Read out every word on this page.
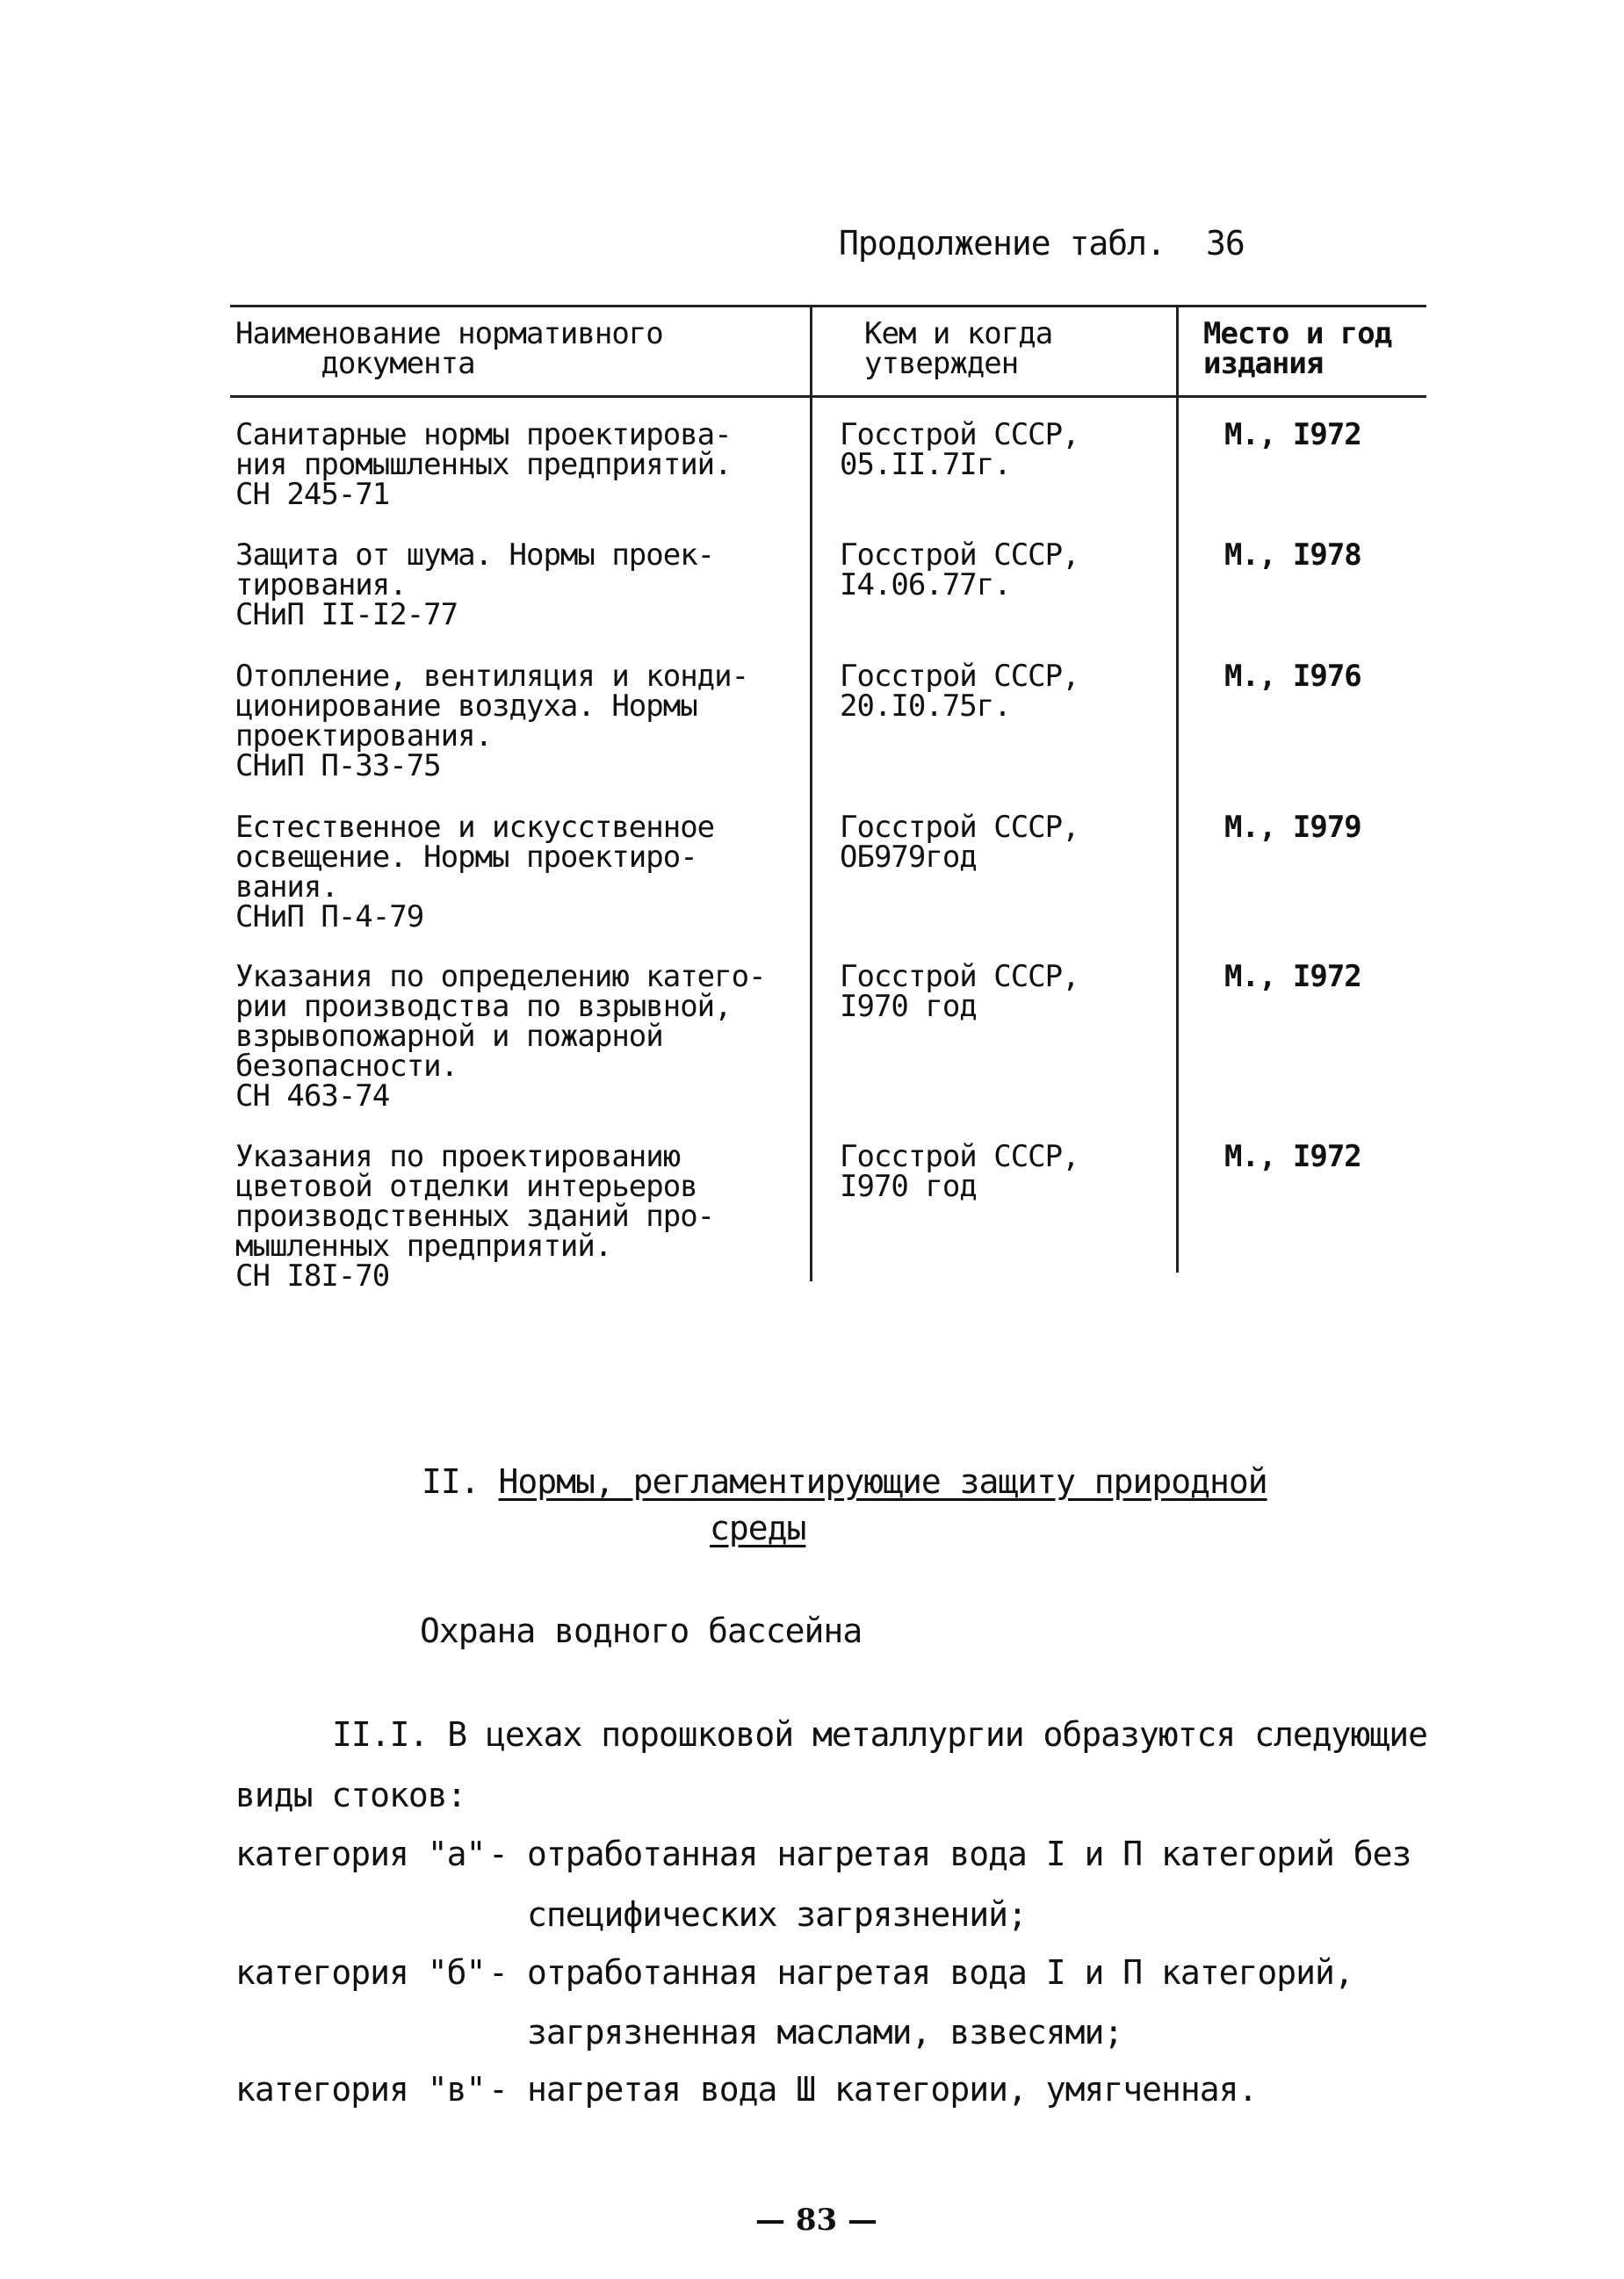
Продолжение табл. 36
Наименование нормативного
документа
Кем и когда
утвержден
Место и год
издания
Санитарные нормы проектирова-
ния промышленных предприятий.
СН 245-71
Госстрой СССР,
05.II.7Iг.
М., I972
Защита от шума. Нормы проек-
тирования.
СНиП II-I2-77
Госстрой СССР,
I4.06.77г.
М., I978
Отопление, вентиляция и конди-
ционирование воздуха. Нормы
проектирования.
СНиП П-33-75
Госстрой СССР,
20.I0.75г.
М., I976
Естественное и искусственное
освещение. Нормы проектиро-
вания.
СНиП П-4-79
Госстрой СССР,
ОБ979год
М., I979
Указания по определению катего-
рии производства по взрывной,
взрывопожарной и пожарной
безопасности.
СН 463-74
Госстрой СССР,
I970 год
М., I972
Указания по проектированию
цветовой отделки интерьеров
производственных зданий про-
мышленных предприятий.
СН I8I-70
Госстрой СССР,
I970 год
М., I972
II. Нормы, регламентирующие защиту природной
среды
Охрана водного бассейна
II.I. В цехах порошковой металлургии образуются следующие
виды стоков:
категория "а" - отработанная нагретая вода I и П категорий без
специфических загрязнений;
категория "б" - отработанная нагретая вода I и П категорий,
загрязненная маслами, взвесями;
категория "в" - нагретая вода Ш категории, умягченная.
— 83 —
